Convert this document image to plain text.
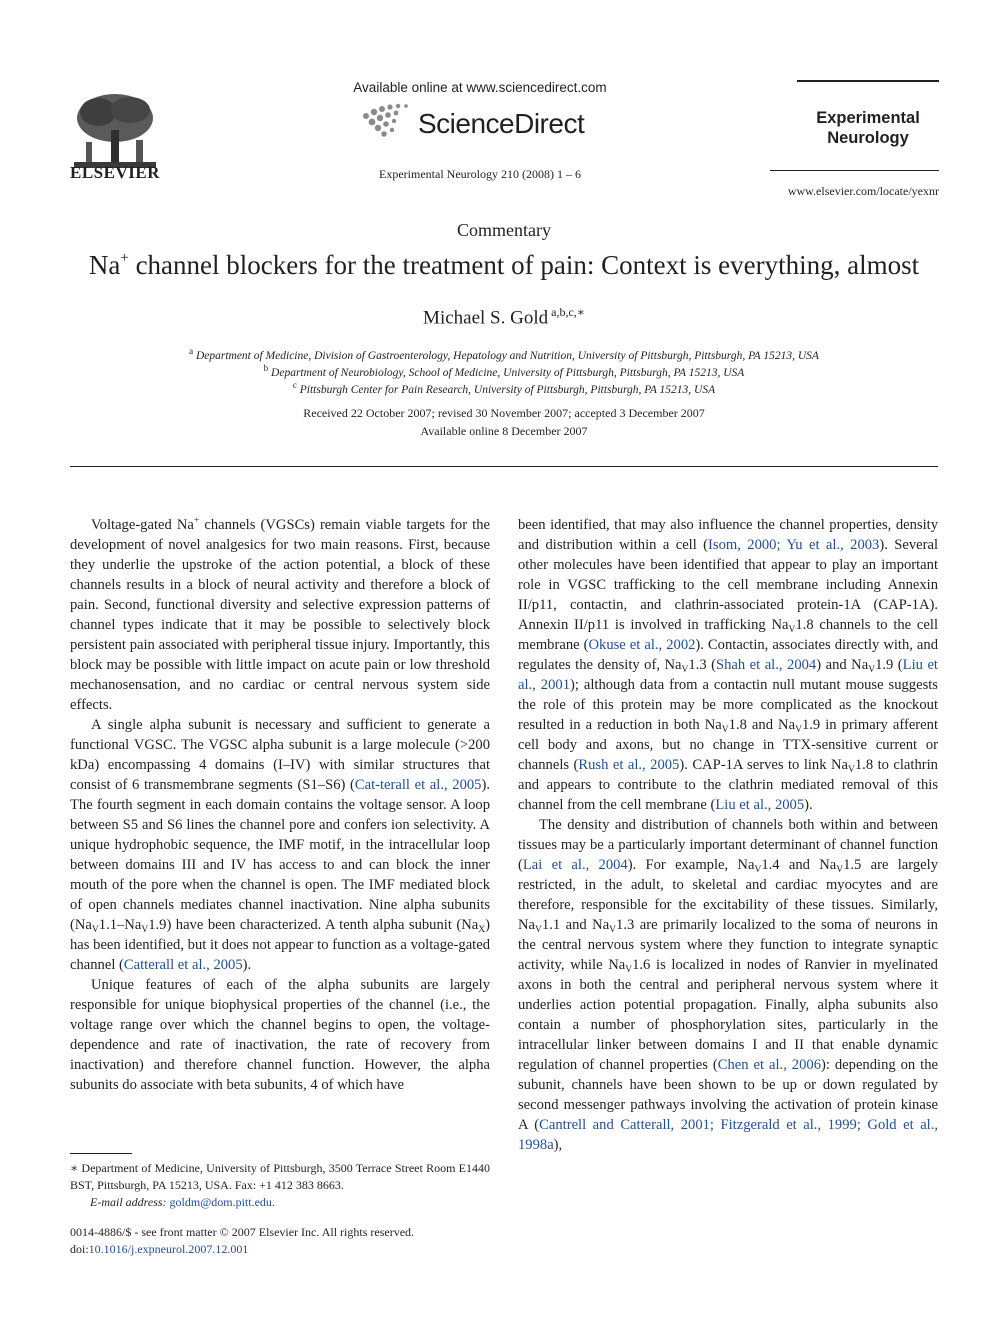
ELSEVIER
Available online at www.sciencedirect.com
ScienceDirect
Experimental Neurology 210 (2008) 1 – 6
Experimental
Neurology
www.elsevier.com/locate/yexnr
Commentary
Na+ channel blockers for the treatment of pain: Context is everything, almost
Michael S. Gold $^{a,b,c,∗}$
$^a$ Department of Medicine, Division of Gastroenterology, Hepatology and Nutrition, University of Pittsburgh, Pittsburgh, PA 15213, USA
$^b$ Department of Neurobiology, School of Medicine, University of Pittsburgh, Pittsburgh, PA 15213, USA
$^c$ Pittsburgh Center for Pain Research, University of Pittsburgh, Pittsburgh, PA 15213, USA
Received 22 October 2007; revised 30 November 2007; accepted 3 December 2007
Available online 8 December 2007

Voltage-gated Na+ channels (VGSCs) remain viable targets for the development of novel analgesics for two main reasons. First, because they underlie the upstroke of the action potential, a block of these channels results in a block of neural activity and therefore a block of pain. Second, functional diversity and selective expression patterns of channel types indicate that it may be possible to selectively block persistent pain associated with peripheral tissue injury. Importantly, this block may be possible with little impact on acute pain or low threshold mechanosensation, and no cardiac or central nervous system side effects.

A single alpha subunit is necessary and sufficient to generate a functional VGSC. The VGSC alpha subunit is a large molecule (>200 kDa) encompassing 4 domains (I–IV) with similar structures that consist of 6 transmembrane segments (S1–S6) (Cat-terall et al., 2005). The fourth segment in each domain contains the voltage sensor. A loop between S5 and S6 lines the channel pore and confers ion selectivity. A unique hydrophobic sequence, the IMF motif, in the intracellular loop between domains III and IV has access to and can block the inner mouth of the pore when the channel is open. The IMF mediated block of open channels mediates channel inactivation. Nine alpha subunits $(Na_V1.1-Na_V1.9)$ have been characterized. A tenth alpha subunit $(Na_X)$ has been identified, but it does not appear to function as a voltage-gated channel (Catterall et al., 2005).

Unique features of each of the alpha subunits are largely responsible for unique biophysical properties of the channel (i.e., the voltage range over which the channel begins to open, the voltage-dependence and rate of inactivation, the rate of recovery from inactivation) and therefore channel function. However, the alpha subunits do associate with beta subunits, 4 of which have

been identified, that may also influence the channel properties, density and distribution within a cell (Isom, 2000; Yu et al., 2003). Several other molecules have been identified that appear to play an important role in VGSC trafficking to the cell membrane including Annexin II/p11, contactin, and clathrin-associated protein-1A (CAP-1A). Annexin II/p11 is involved in trafficking $Na_V1.8$ channels to the cell membrane (Okuse et al., 2002). Contactin, associates directly with, and regulates the density of, $Na_V1.3$ (Shah et al., 2004) and $Na_V1.9$ (Liu et al., 2001); although data from a contactin null mutant mouse suggests the role of this protein may be more complicated as the knockout resulted in a reduction in both $Na_V1.8$ and $Na_V1.9$ in primary afferent cell body and axons, but no change in TTX-sensitive current or channels (Rush et al., 2005). CAP-1A serves to link $Na_V1.8$ to clathrin and appears to contribute to the clathrin mediated removal of this channel from the cell membrane (Liu et al., 2005).

The density and distribution of channels both within and between tissues may be a particularly important determinant of channel function (Lai et al., 2004). For example, $Na_V1.4$ and $Na_V1.5$ are largely restricted, in the adult, to skeletal and cardiac myocytes and are therefore, responsible for the excitability of these tissues. Similarly, $Na_V1.1$ and $Na_V1.3$ are primarily localized to the soma of neurons in the central nervous system where they function to integrate synaptic activity, while $Na_V1.6$ is localized in nodes of Ranvier in myelinated axons in both the central and peripheral nervous system where it underlies action potential propagation. Finally, alpha subunits also contain a number of phosphorylation sites, particularly in the intracellular linker between domains I and II that enable dynamic regulation of channel properties (Chen et al., 2006): depending on the subunit, channels have been shown to be up or down regulated by second messenger pathways involving the activation of protein kinase A (Cantrell and Catterall, 2001; Fitzgerald et al., 1999; Gold et al., 1998a),

∗ Department of Medicine, University of Pittsburgh, 3500 Terrace Street Room E1440 BST, Pittsburgh, PA 15213, USA. Fax: +1 412 383 8663.
E-mail address: goldm@dom.pitt.edu.
0014-4886/$ - see front matter © 2007 Elsevier Inc. All rights reserved.
doi:10.1016/j.expneurol.2007.12.001
